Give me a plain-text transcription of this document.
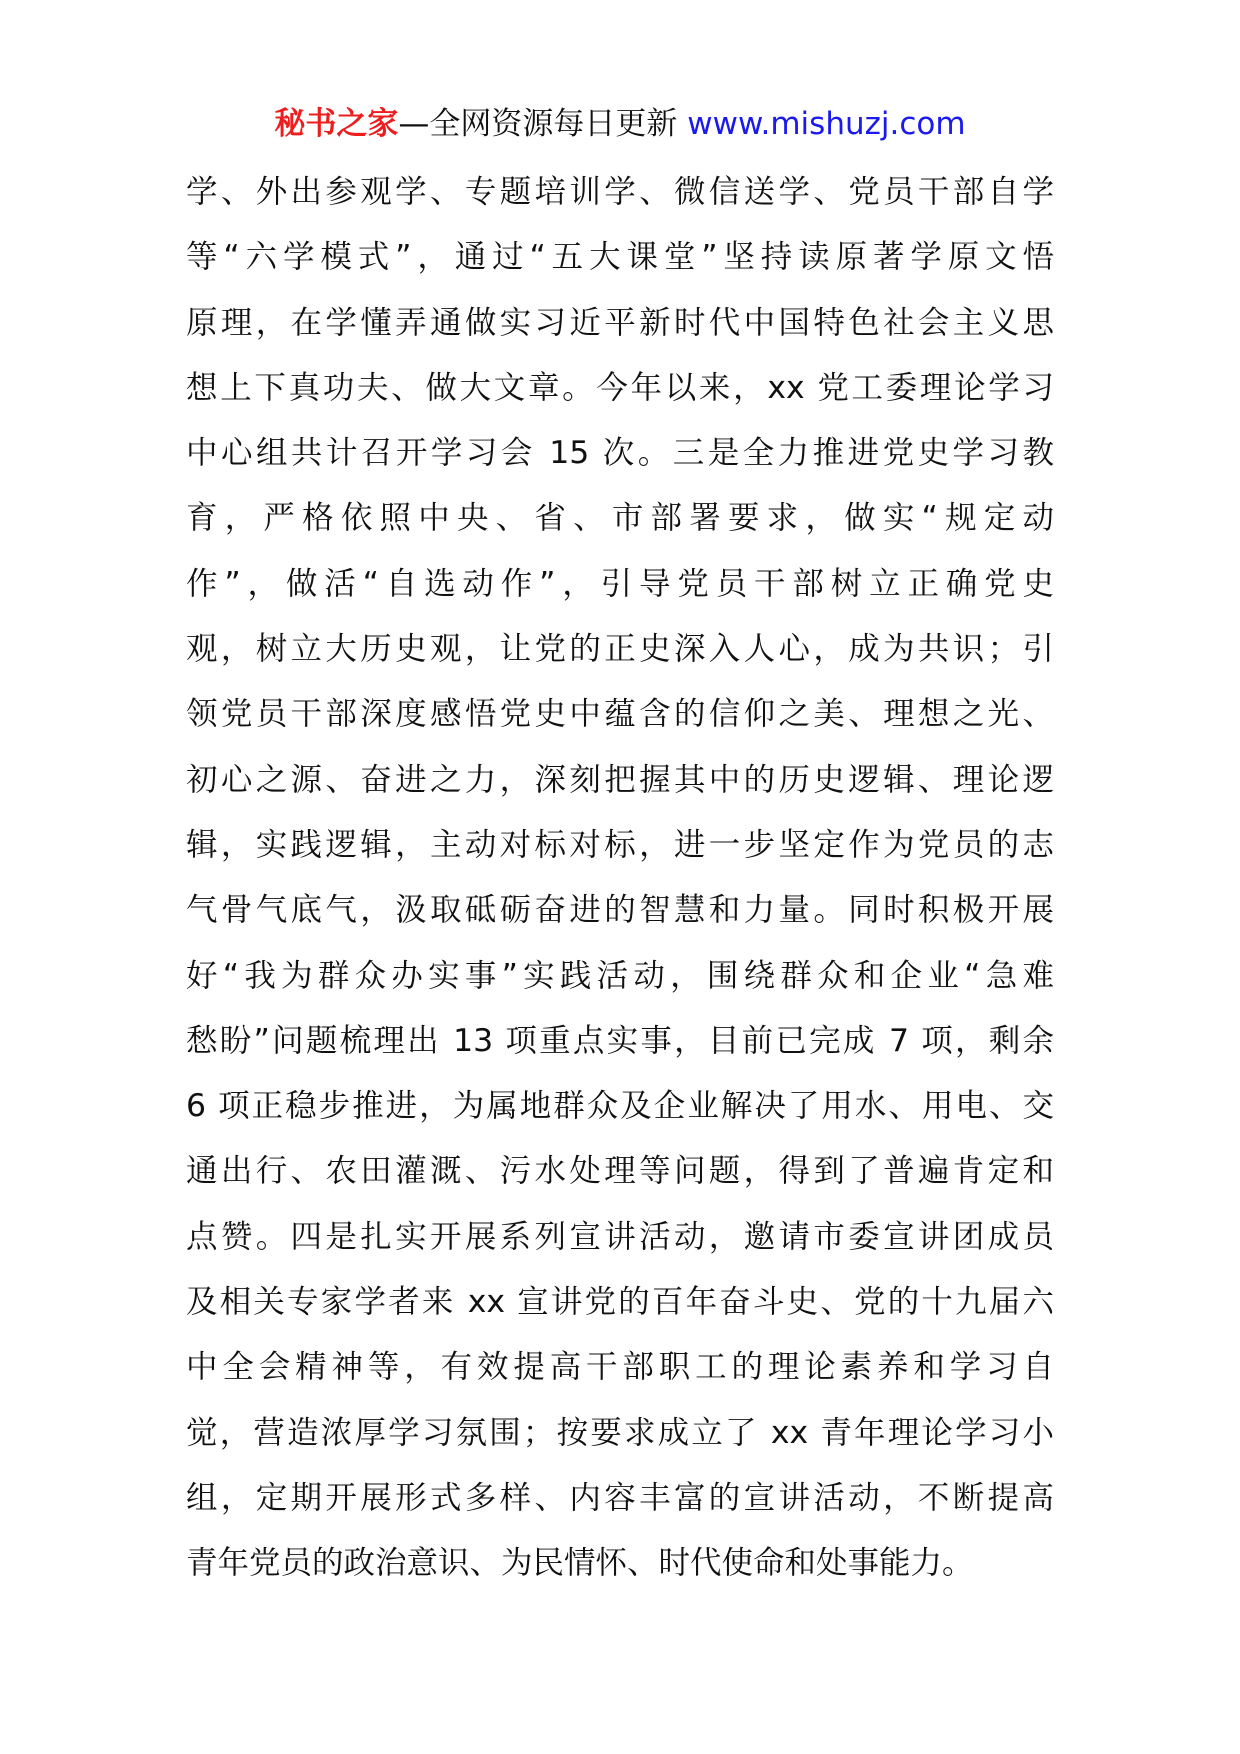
秘书之家—全网资源每日更新 www.mishuzj.com
学、外出参观学、专题培训学、微信送学、党员干部自学
等“六学模式”，通过“五大课堂”坚持读原著学原文悟
原理，在学懂弄通做实习近平新时代中国特色社会主义思
想上下真功夫、做大文章。今年以来，xx 党工委理论学习
中心组共计召开学习会 15 次。三是全力推进党史学习教
育，严格依照中央、省、市部署要求，做实“规定动
作”，做活“自选动作”，引导党员干部树立正确党史
观，树立大历史观，让党的正史深入人心，成为共识；引
领党员干部深度感悟党史中蕴含的信仰之美、理想之光、
初心之源、奋进之力，深刻把握其中的历史逻辑、理论逻
辑，实践逻辑，主动对标对标，进一步坚定作为党员的志
气骨气底气，汲取砥砺奋进的智慧和力量。同时积极开展
好“我为群众办实事”实践活动，围绕群众和企业“急难
愁盼”问题梳理出 13 项重点实事，目前已完成 7 项，剩余
6 项正稳步推进，为属地群众及企业解决了用水、用电、交
通出行、农田灌溉、污水处理等问题，得到了普遍肯定和
点赞。四是扎实开展系列宣讲活动，邀请市委宣讲团成员
及相关专家学者来 xx 宣讲党的百年奋斗史、党的十九届六
中全会精神等，有效提高干部职工的理论素养和学习自
觉，营造浓厚学习氛围；按要求成立了 xx 青年理论学习小
组，定期开展形式多样、内容丰富的宣讲活动，不断提高
青年党员的政治意识、为民情怀、时代使命和处事能力。
